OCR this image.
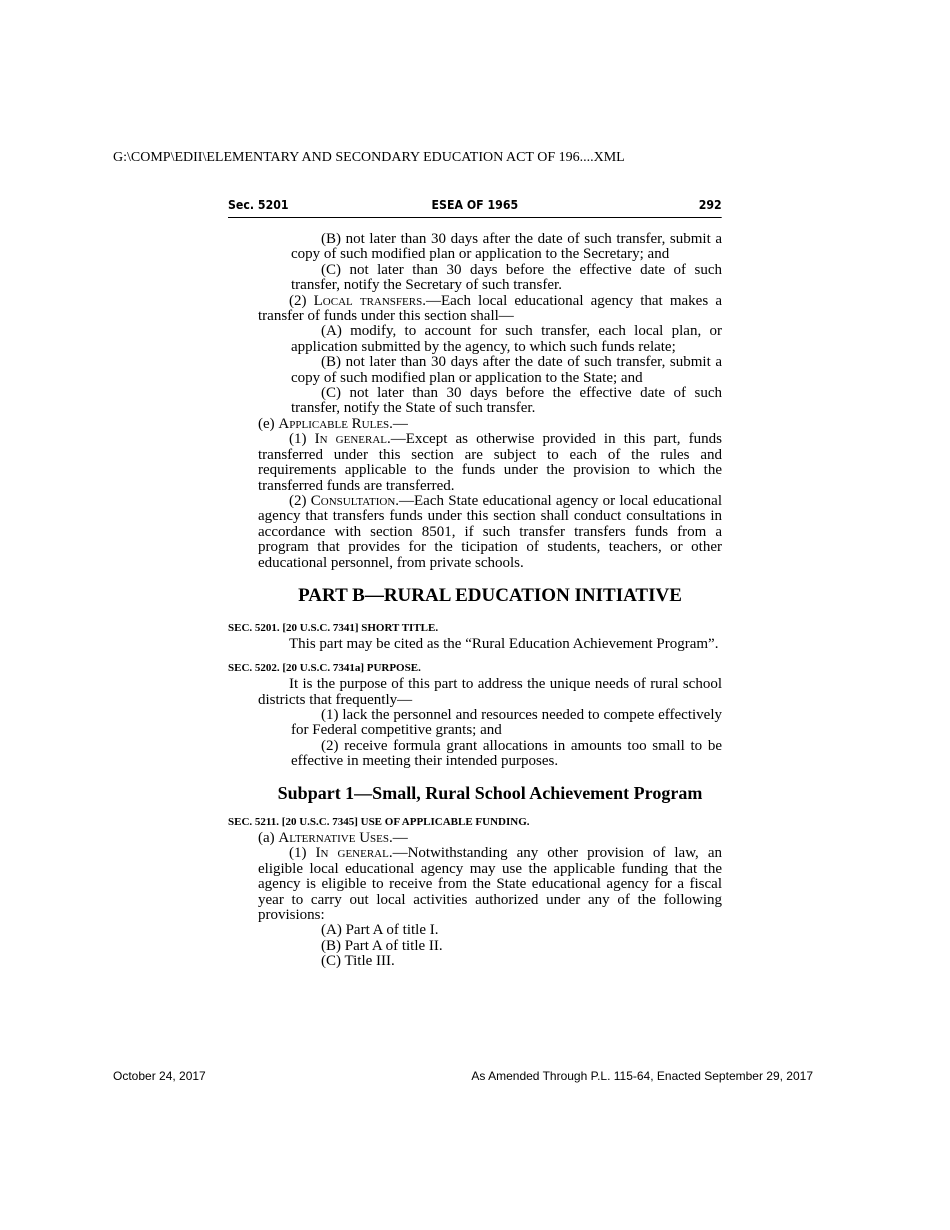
G:\COMP\EDII\ELEMENTARY AND SECONDARY EDUCATION ACT OF 196....XML
Sec. 5201	ESEA OF 1965	292

(B) not later than 30 days after the date of such transfer, submit a copy of such modified plan or application to the Secretary; and

(C) not later than 30 days before the effective date of such transfer, notify the Secretary of such transfer.

(2) Local transfers.—Each local educational agency that makes a transfer of funds under this section shall—

(A) modify, to account for such transfer, each local plan, or application submitted by the agency, to which such funds relate;

(B) not later than 30 days after the date of such transfer, submit a copy of such modified plan or application to the State; and

(C) not later than 30 days before the effective date of such transfer, notify the State of such transfer.

(e) Applicable Rules.—

(1) In general.—Except as otherwise provided in this part, funds transferred under this section are subject to each of the rules and requirements applicable to the funds under the provision to which the transferred funds are transferred.

(2) Consultation.—Each State educational agency or local educational agency that transfers funds under this section shall conduct consultations in accordance with section 8501, if such transfer transfers funds from a program that provides for the ticipation of students, teachers, or other educational personnel, from private schools.

PART B—RURAL EDUCATION INITIATIVE
SEC. 5201. [20 U.S.C. 7341] SHORT TITLE.

This part may be cited as the “Rural Education Achievement Program”.

SEC. 5202. [20 U.S.C. 7341a] PURPOSE.

It is the purpose of this part to address the unique needs of rural school districts that frequently—

(1) lack the personnel and resources needed to compete effectively for Federal competitive grants; and

(2) receive formula grant allocations in amounts too small to be effective in meeting their intended purposes.

Subpart 1—Small, Rural School Achievement Program
SEC. 5211. [20 U.S.C. 7345] USE OF APPLICABLE FUNDING.

(a) Alternative Uses.—

(1) In general.—Notwithstanding any other provision of law, an eligible local educational agency may use the applicable funding that the agency is eligible to receive from the State educational agency for a fiscal year to carry out local activities authorized under any of the following provisions:

(A) Part A of title I.

(B) Part A of title II.

(C) Title III.

October 24, 2017	As Amended Through P.L. 115-64, Enacted September 29, 2017
